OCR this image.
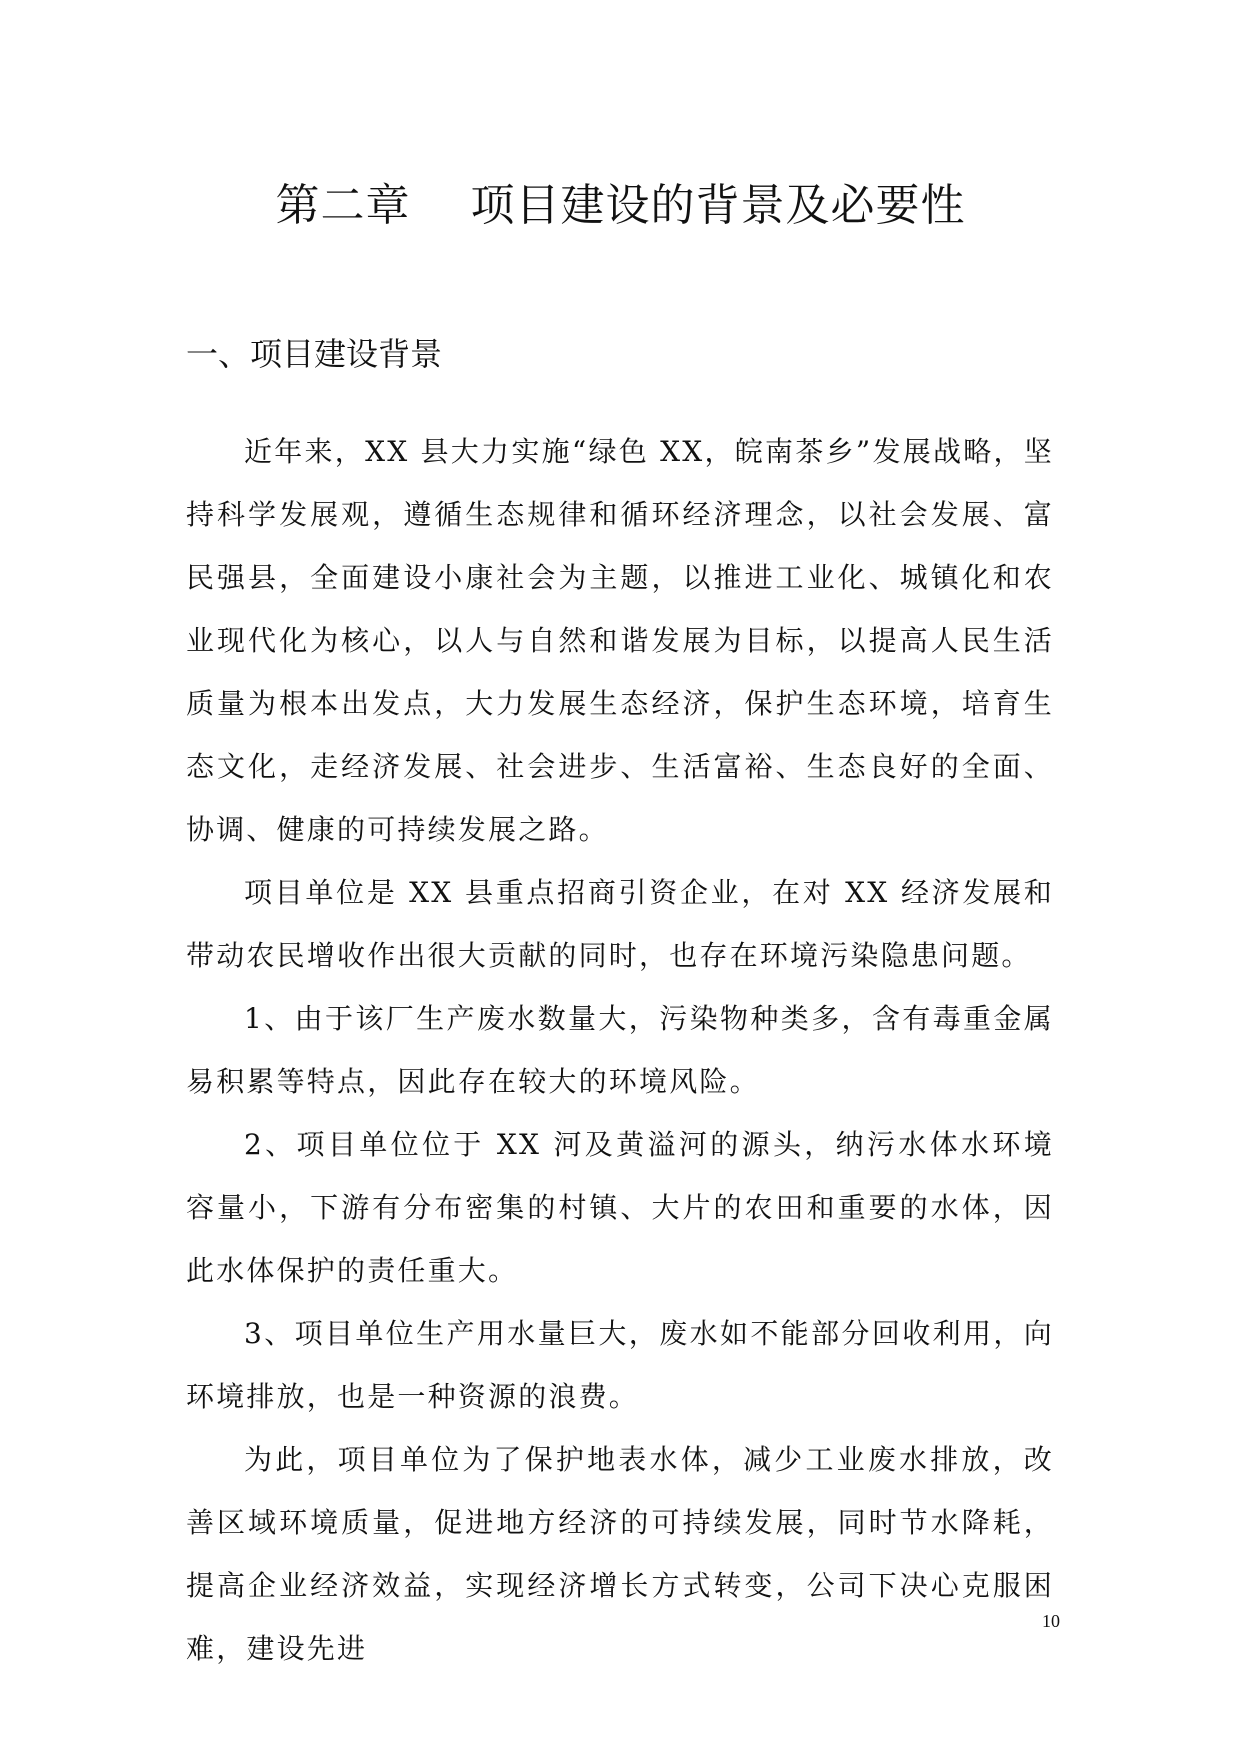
第二章    项目建设的背景及必要性
一、项目建设背景

近年来，XX 县大力实施“绿色 XX，皖南茶乡”发展战略，坚持科学发展观，遵循生态规律和循环经济理念，以社会发展、富民强县，全面建设小康社会为主题，以推进工业化、城镇化和农业现代化为核心，以人与自然和谐发展为目标，以提高人民生活质量为根本出发点，大力发展生态经济，保护生态环境，培育生态文化，走经济发展、社会进步、生活富裕、生态良好的全面、协调、健康的可持续发展之路。

项目单位是 XX 县重点招商引资企业，在对 XX 经济发展和带动农民增收作出很大贡献的同时，也存在环境污染隐患问题。

1、由于该厂生产废水数量大，污染物种类多，含有毒重金属易积累等特点，因此存在较大的环境风险。

2、项目单位位于 XX 河及黄溢河的源头，纳污水体水环境容量小，下游有分布密集的村镇、大片的农田和重要的水体，因此水体保护的责任重大。

3、项目单位生产用水量巨大，废水如不能部分回收利用，向环境排放，也是一种资源的浪费。

为此，项目单位为了保护地表水体，减少工业废水排放，改善区域环境质量，促进地方经济的可持续发展，同时节水降耗，提高企业经济效益，实现经济增长方式转变，公司下决心克服困难，建设先进

10
